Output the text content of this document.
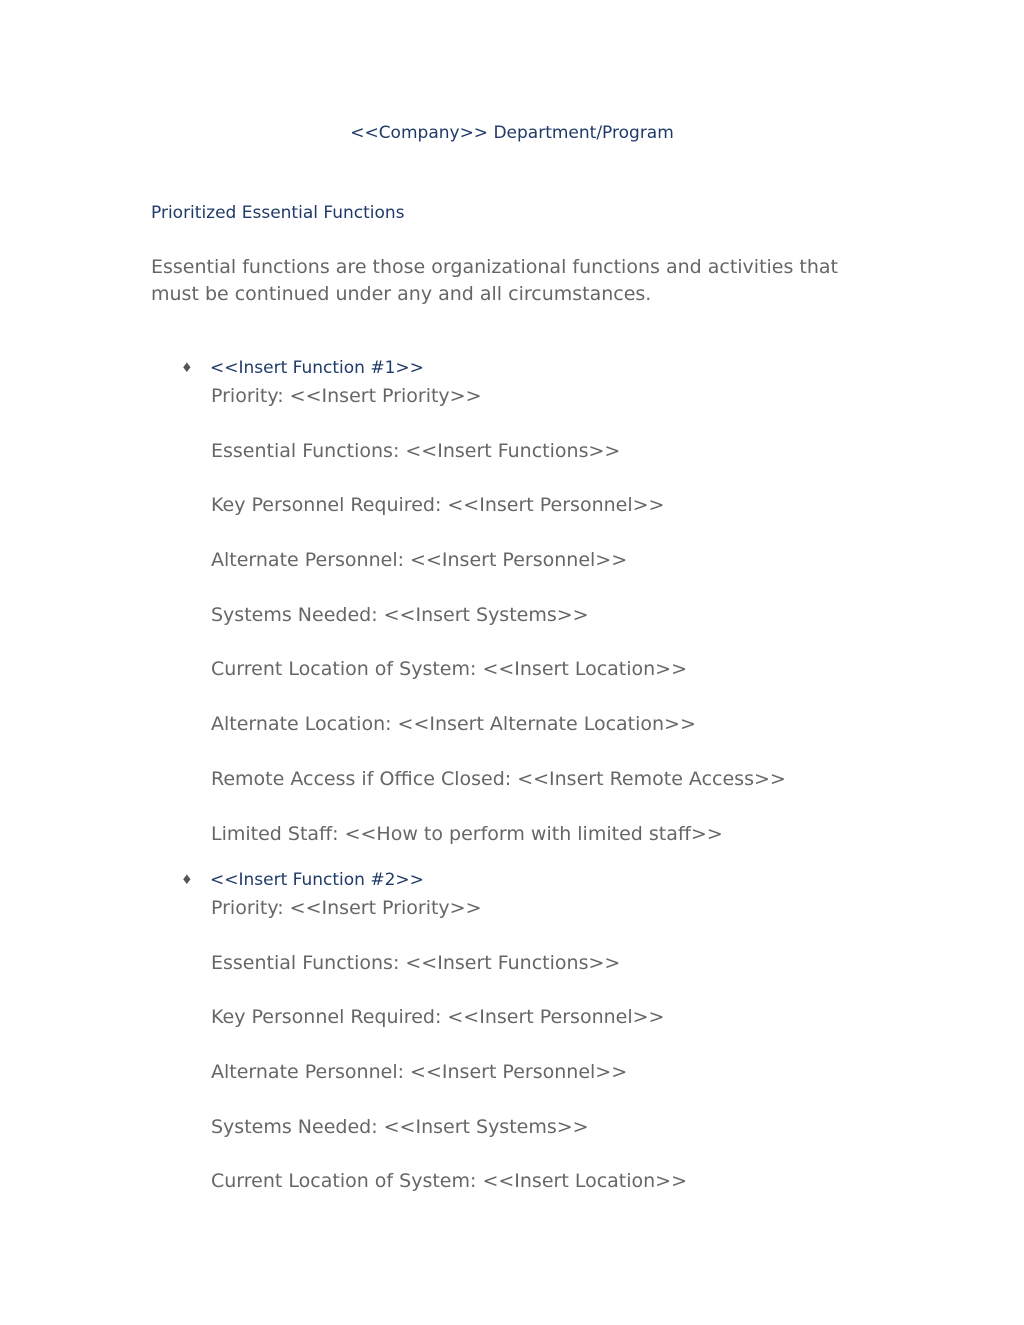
<<Company>> Department/Program
Prioritized Essential Functions
Essential functions are those organizational functions and activities that must be continued under any and all circumstances.
♦ <<Insert Function #1>>
Priority: <<Insert Priority>>
Essential Functions: <<Insert Functions>>
Key Personnel Required: <<Insert Personnel>>
Alternate Personnel: <<Insert Personnel>>
Systems Needed: <<Insert Systems>>
Current Location of System: <<Insert Location>>
Alternate Location: <<Insert Alternate Location>>
Remote Access if Office Closed: <<Insert Remote Access>>
Limited Staff: <<How to perform with limited staff>>
♦ <<Insert Function #2>>
Priority: <<Insert Priority>>
Essential Functions: <<Insert Functions>>
Key Personnel Required: <<Insert Personnel>>
Alternate Personnel: <<Insert Personnel>>
Systems Needed: <<Insert Systems>>
Current Location of System: <<Insert Location>>
